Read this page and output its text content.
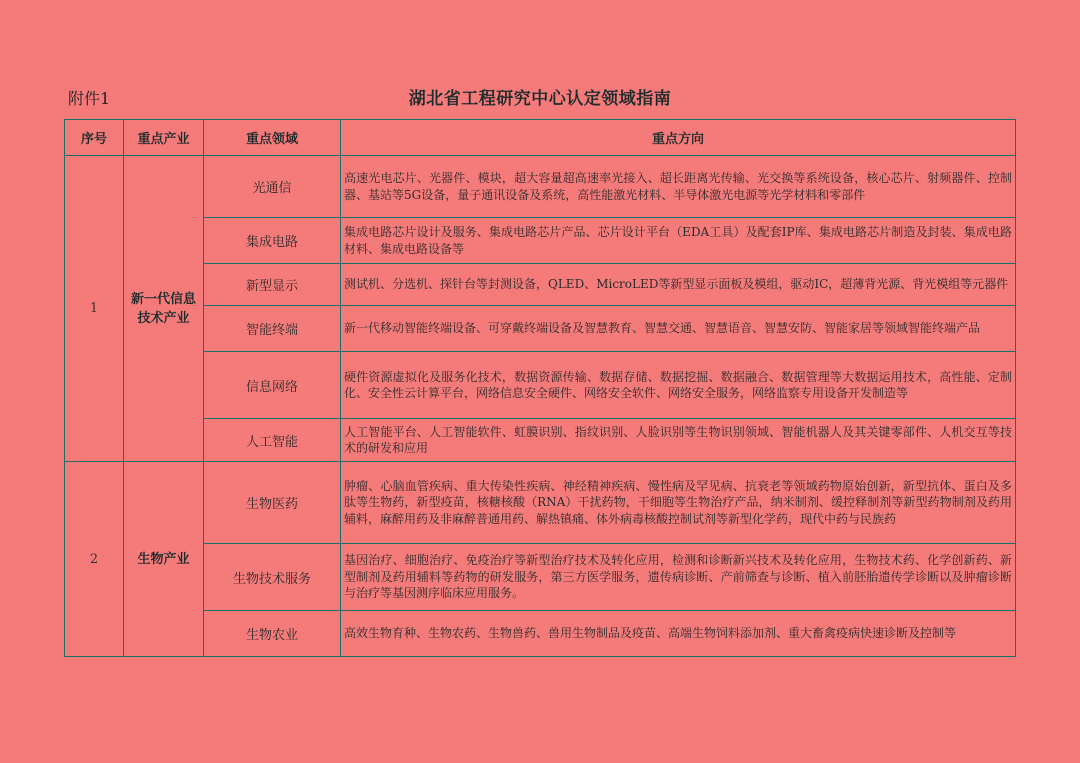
附件1	湖北省工程研究中心认定领域指南
序号	重点产业	重点领域	重点方向
1	新一代信息技术产业	光通信	高速光电芯片、光器件、模块，超大容量超高速率光接入、超长距离光传输、光交换等系统设备，核心芯片、射频器件、控制器、基站等5G设备，量子通讯设备及系统，高性能激光材料、半导体激光电源等光学材料和零部件
		集成电路	集成电路芯片设计及服务、集成电路芯片产品、芯片设计平台（EDA工具）及配套IP库、集成电路芯片制造及封装、集成电路材料、集成电路设备等
		新型显示	测试机、分选机、探针台等封测设备，QLED、MicroLED等新型显示面板及模组，驱动IC，超薄背光源、背光模组等元器件
		智能终端	新一代移动智能终端设备、可穿戴终端设备及智慧教育、智慧交通、智慧语音、智慧安防、智能家居等领域智能终端产品
		信息网络	硬件资源虚拟化及服务化技术，数据资源传输、数据存储、数据挖掘、数据融合、数据管理等大数据运用技术，高性能、定制化、安全性云计算平台，网络信息安全硬件、网络安全软件、网络安全服务，网络监察专用设备开发制造等
		人工智能	人工智能平台、人工智能软件、虹膜识别、指纹识别、人脸识别等生物识别领域、智能机器人及其关键零部件、人机交互等技术的研发和应用
2	生物产业	生物医药	肿瘤、心脑血管疾病、重大传染性疾病、神经精神疾病、慢性病及罕见病、抗衰老等领域药物原始创新，新型抗体、蛋白及多肽等生物药，新型疫苗，核糖核酸（RNA）干扰药物，干细胞等生物治疗产品，纳米制剂、缓控释制剂等新型药物制剂及药用辅料，麻醉用药及非麻醉普通用药、解热镇痛、体外病毒核酸控制试剂等新型化学药，现代中药与民族药
		生物技术服务	基因治疗、细胞治疗、免疫治疗等新型治疗技术及转化应用，检测和诊断新兴技术及转化应用，生物技术药、化学创新药、新型制剂及药用辅料等药物的研发服务，第三方医学服务，遗传病诊断、产前筛查与诊断、植入前胚胎遗传学诊断以及肿瘤诊断与治疗等基因测序临床应用服务。
		生物农业	高效生物育种、生物农药、生物兽药、兽用生物制品及疫苗、高端生物饲料添加剂、重大畜禽疫病快速诊断及控制等
